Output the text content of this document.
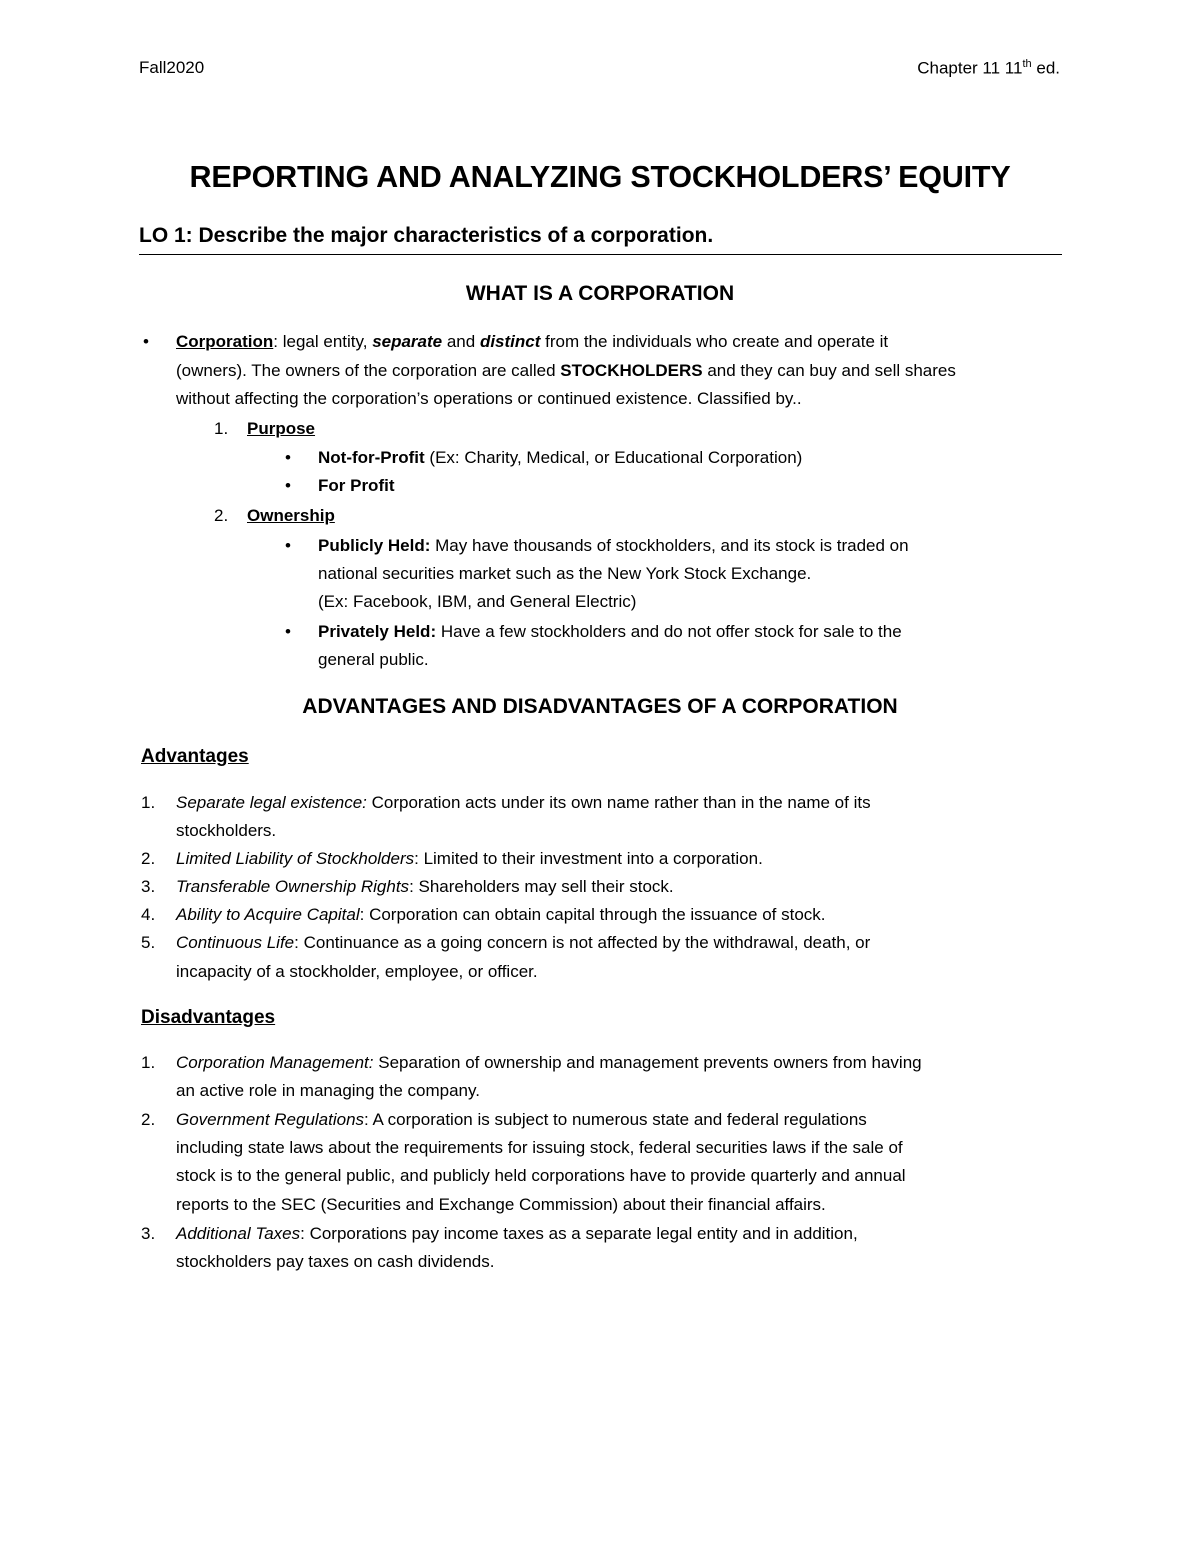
Fall2020	Chapter 11 11th ed.
REPORTING AND ANALYZING STOCKHOLDERS’ EQUITY
LO 1: Describe the major characteristics of a corporation.
WHAT IS A CORPORATION
• Corporation: legal entity, separate and distinct from the individuals who create and operate it
(owners). The owners of the corporation are called STOCKHOLDERS and they can buy and sell shares
without affecting the corporation’s operations or continued existence. Classified by..
1. Purpose
• Not-for-Profit (Ex: Charity, Medical, or Educational Corporation)
• For Profit
2. Ownership
• Publicly Held: May have thousands of stockholders, and its stock is traded on
national securities market such as the New York Stock Exchange.
(Ex: Facebook, IBM, and General Electric)
• Privately Held: Have a few stockholders and do not offer stock for sale to the
general public.
ADVANTAGES AND DISADVANTAGES OF A CORPORATION
Advantages
1. Separate legal existence: Corporation acts under its own name rather than in the name of its
stockholders.
2. Limited Liability of Stockholders: Limited to their investment into a corporation.
3. Transferable Ownership Rights: Shareholders may sell their stock.
4. Ability to Acquire Capital: Corporation can obtain capital through the issuance of stock.
5. Continuous Life: Continuance as a going concern is not affected by the withdrawal, death, or
incapacity of a stockholder, employee, or officer.
Disadvantages
1. Corporation Management: Separation of ownership and management prevents owners from having
an active role in managing the company.
2. Government Regulations: A corporation is subject to numerous state and federal regulations
including state laws about the requirements for issuing stock, federal securities laws if the sale of
stock is to the general public, and publicly held corporations have to provide quarterly and annual
reports to the SEC (Securities and Exchange Commission) about their financial affairs.
3. Additional Taxes: Corporations pay income taxes as a separate legal entity and in addition,
stockholders pay taxes on cash dividends.
